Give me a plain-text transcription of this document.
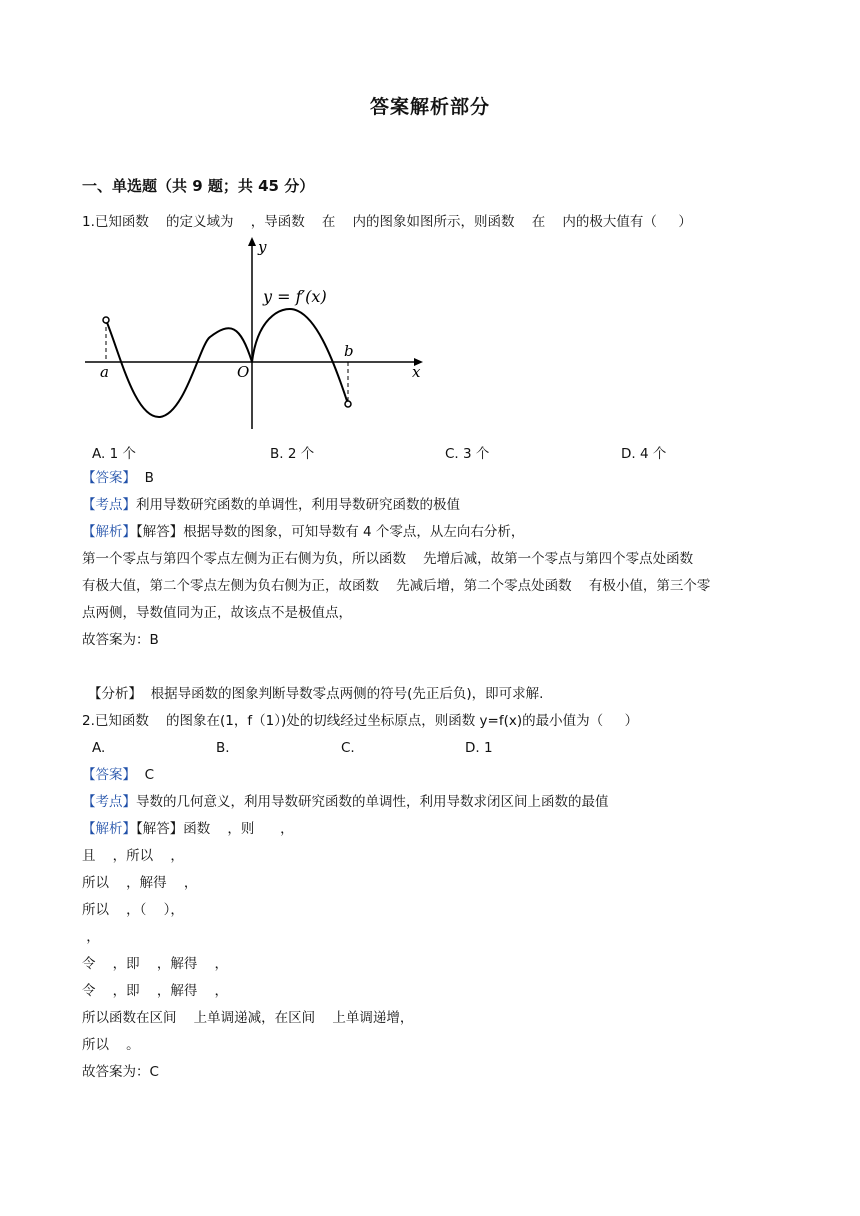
答案解析部分
一、单选题（共 9 题；共 45 分）
1.已知函数    的定义域为    ，导函数    在    内的图象如图所示，则函数    在    内的极大值有（     ）
y
x
O
a
b
y = f′(x)
A. 1 个	B. 2 个	C. 3 个	D. 4 个
【答案】 B
【考点】利用导数研究函数的单调性，利用导数研究函数的极值
【解析】【解答】根据导数的图象，可知导数有 4 个零点，从左向右分析，
第一个零点与第四个零点左侧为正右侧为负，所以函数    先增后减，故第一个零点与第四个零点处函数
有极大值，第二个零点左侧为负右侧为正，故函数    先减后增，第二个零点处函数    有极小值，第三个零
点两侧，导数值同为正，故该点不是极值点，
故答案为：B
【分析】  根据导函数的图象判断导数零点两侧的符号(先正后负)，即可求解.
2.已知函数    的图象在(1，f（1）)处的切线经过坐标原点，则函数 y=f(x)的最小值为（     ）
A.	B.	C.	D. 1
【答案】 C
【考点】导数的几何意义，利用导数研究函数的单调性，利用导数求闭区间上函数的最值
【解析】【解答】函数    ，则      ，
且    ，所以    ，
所以    ，解得    ，
所以    ，（    ），
，
令    ，即    ，解得    ，
令    ，即    ，解得    ，
所以函数在区间    上单调递减，在区间    上单调递增，
所以    。
故答案为：C
